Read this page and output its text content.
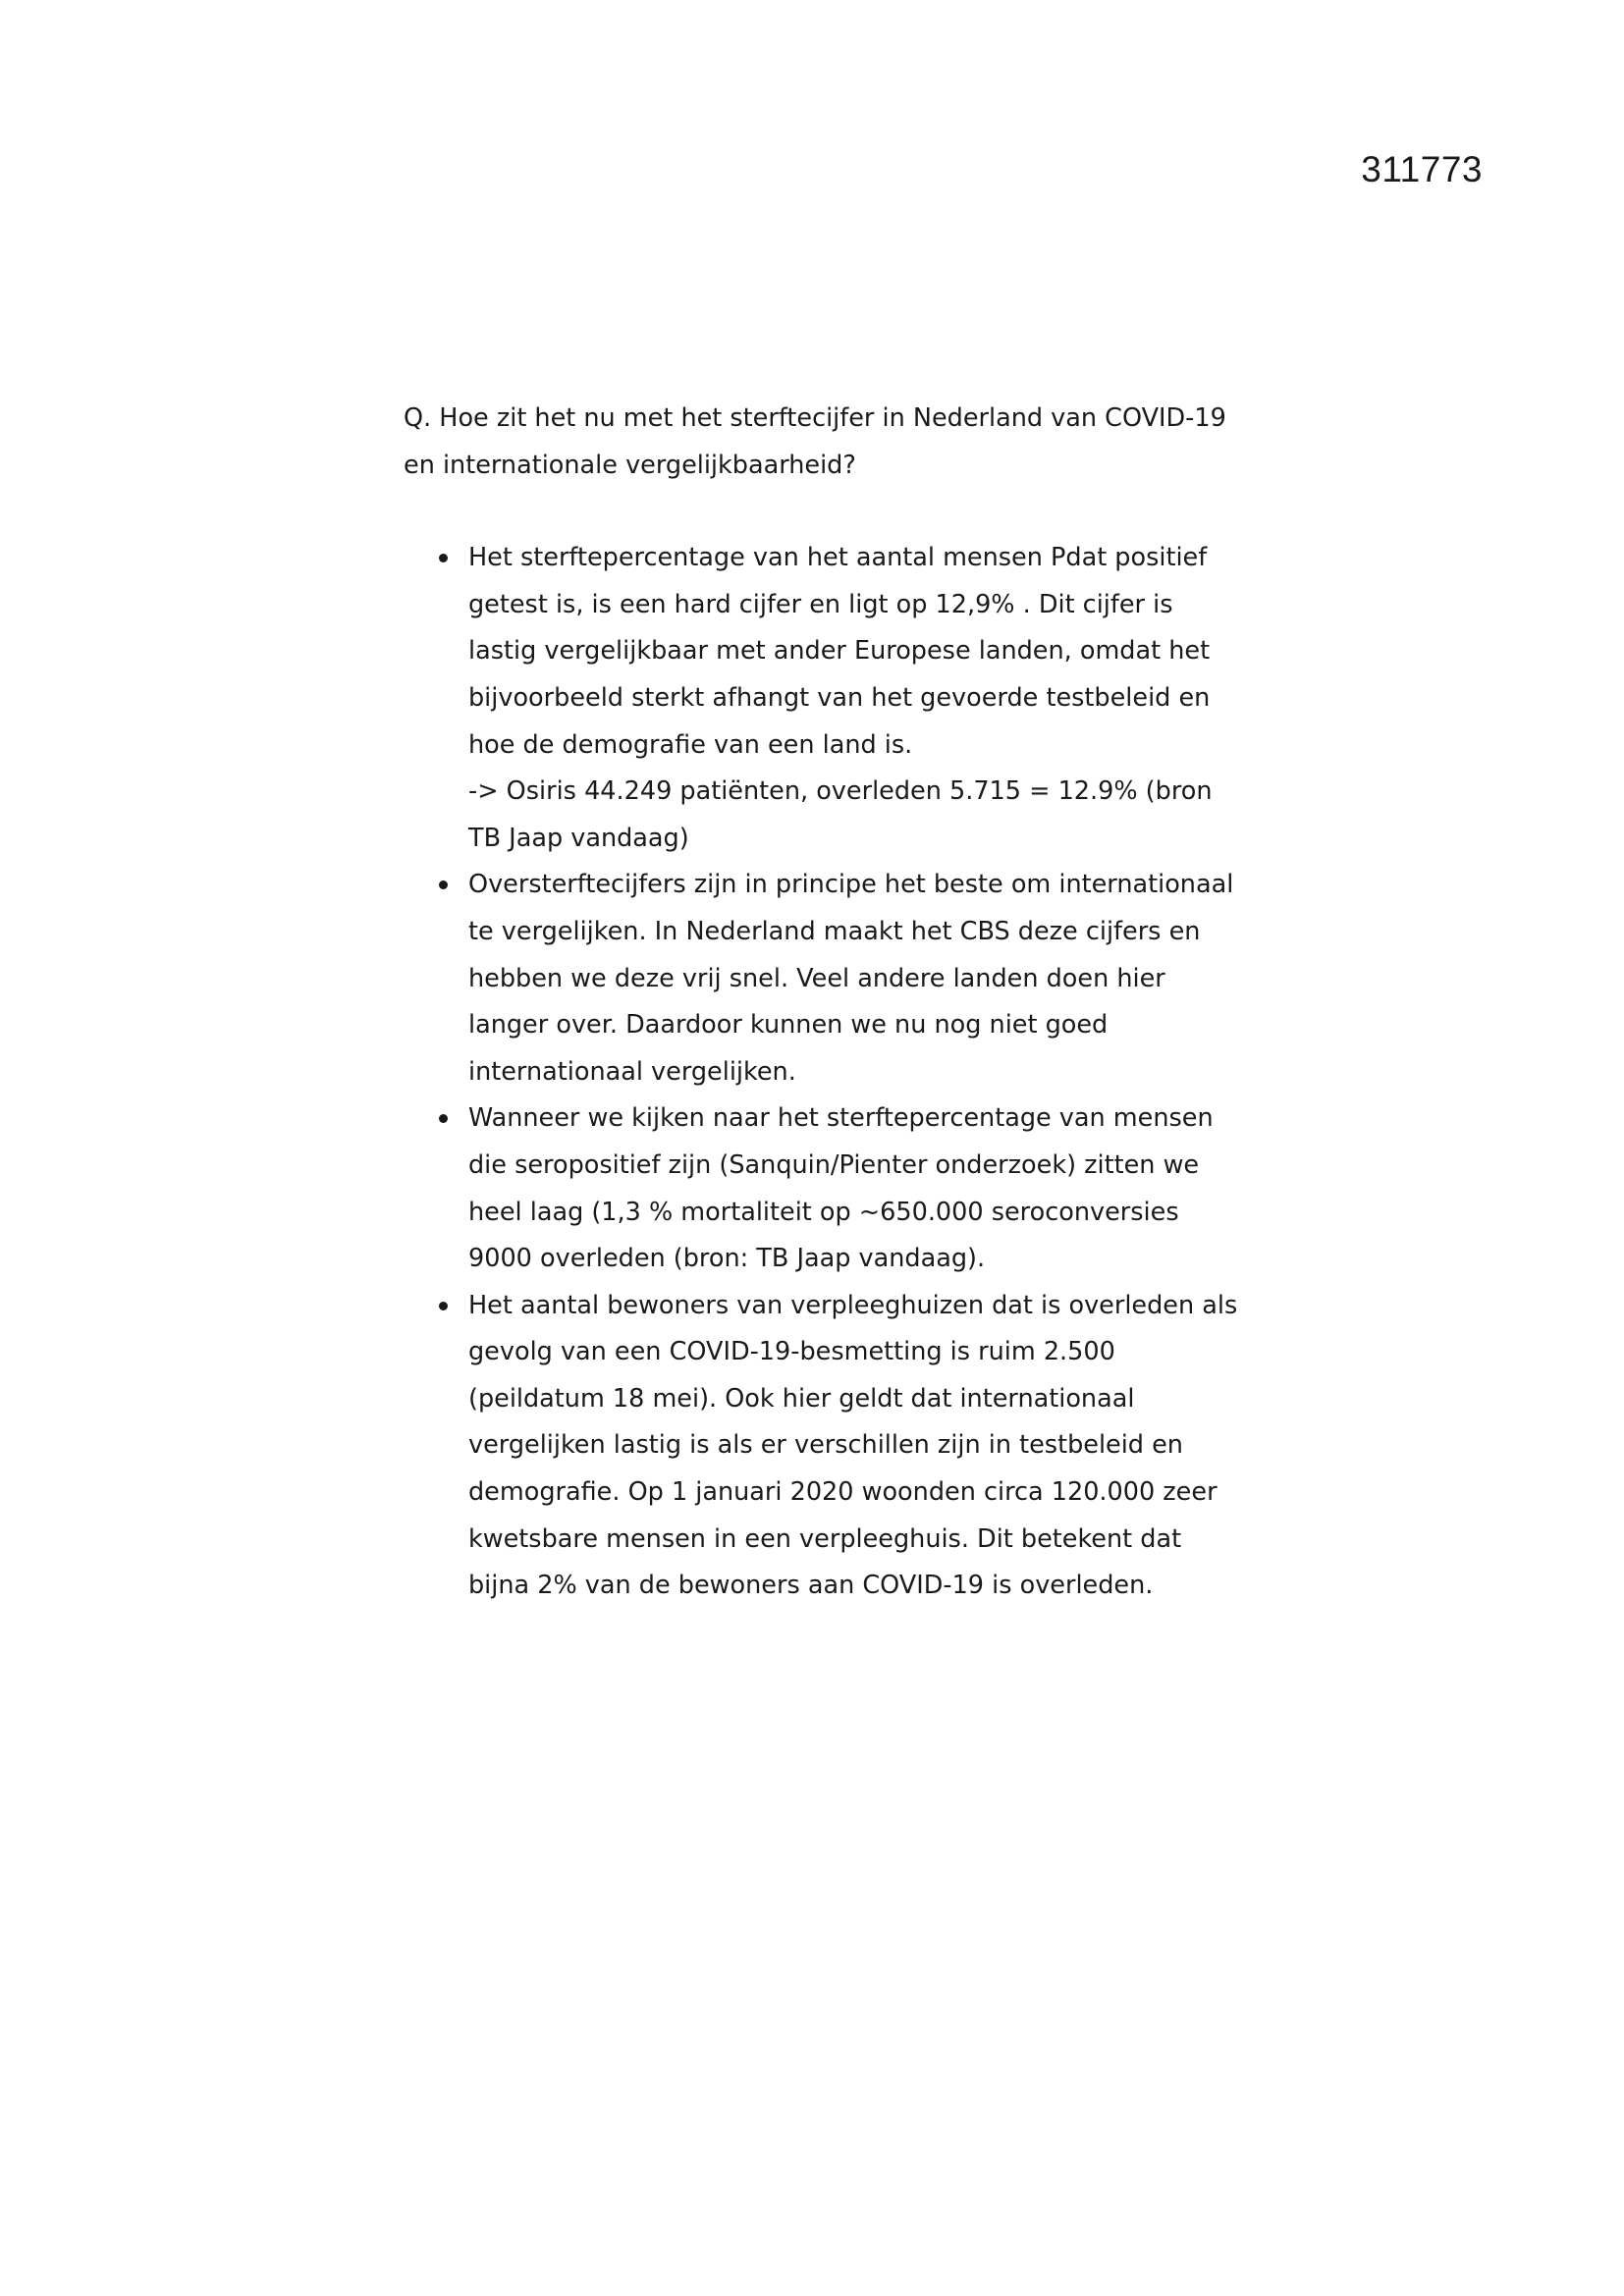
311773

Q. Hoe zit het nu met het sterftecijfer in Nederland van COVID-19 en internationale vergelijkbaarheid?

Het sterftepercentage van het aantal mensen Pdat positief getest is, is een hard cijfer en ligt op 12,9% . Dit cijfer is lastig vergelijkbaar met ander Europese landen, omdat het bijvoorbeeld sterkt afhangt van het gevoerde testbeleid en hoe de demografie van een land is.
-> Osiris 44.249 patiënten, overleden 5.715 = 12.9% (bron TB Jaap vandaag)
Oversterftecijfers zijn in principe het beste om internationaal te vergelijken. In Nederland maakt het CBS deze cijfers en hebben we deze vrij snel. Veel andere landen doen hier langer over. Daardoor kunnen we nu nog niet goed internationaal vergelijken.
Wanneer we kijken naar het sterftepercentage van mensen die seropositief zijn (Sanquin/Pienter onderzoek) zitten we heel laag (1,3 % mortaliteit op ~650.000 seroconversies 9000 overleden (bron: TB Jaap vandaag).
Het aantal bewoners van verpleeghuizen dat is overleden als gevolg van een COVID-19-besmetting is ruim 2.500 (peildatum 18 mei). Ook hier geldt dat internationaal vergelijken lastig is als er verschillen zijn in testbeleid en demografie. Op 1 januari 2020 woonden circa 120.000 zeer kwetsbare mensen in een verpleeghuis. Dit betekent dat bijna 2% van de bewoners aan COVID-19 is overleden.
